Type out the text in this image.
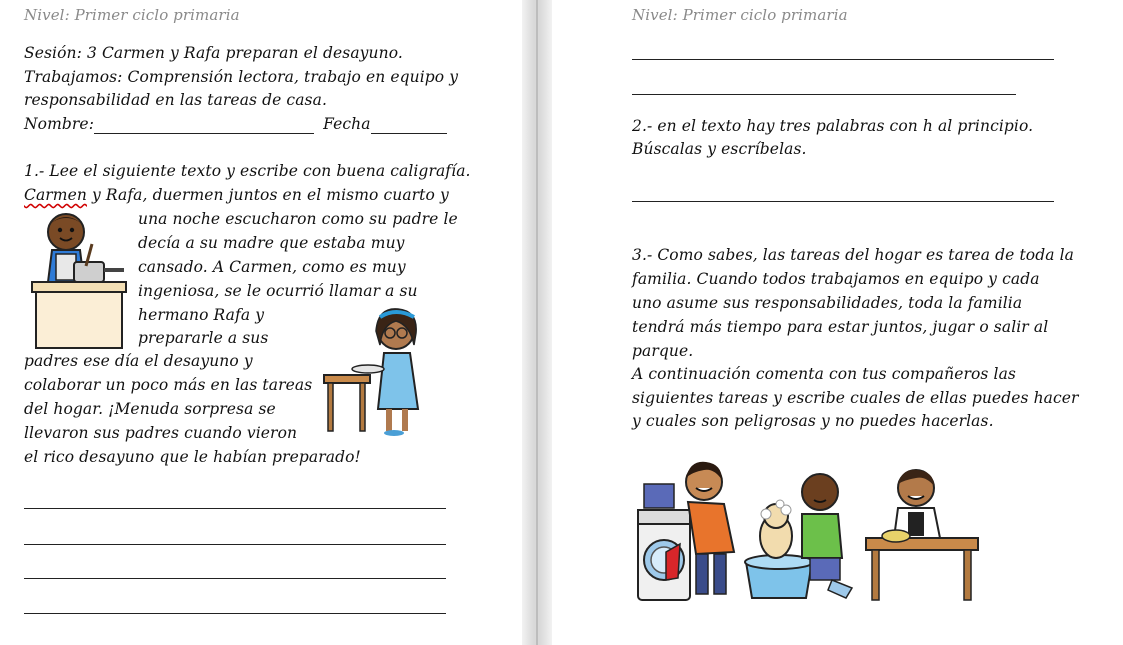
Nivel: Primer ciclo primaria
Sesión: 3 Carmen y Rafa preparan el desayuno.
Trabajamos: Comprensión lectora, trabajo en equipo y
responsabilidad en las tareas de casa.
Nombre:	Fecha
1.- Lee el siguiente texto y escribe con buena caligrafía.
Carmen y Rafa, duermen juntos en el mismo cuarto y
una noche escucharon como su padre le
decía a su madre que estaba muy
cansado. A Carmen, como es muy
ingeniosa, se le ocurrió llamar a su
hermano Rafa y
prepararle a sus
padres ese día el desayuno y
colaborar un poco más en las tareas
del hogar. ¡Menuda sorpresa se
llevaron sus padres cuando vieron
el rico desayuno que le habían preparado!
Nivel: Primer ciclo primaria
2.- en el texto hay tres palabras con h al principio.
Búscalas y escríbelas.
3.- Como sabes, las tareas del hogar es tarea de toda la
familia. Cuando todos trabajamos en equipo y cada
uno asume sus responsabilidades, toda la familia
tendrá más tiempo para estar juntos, jugar o salir al
parque.
A continuación comenta con tus compañeros las
siguientes tareas y escribe cuales de ellas puedes hacer
y cuales son peligrosas y no puedes hacerlas.
